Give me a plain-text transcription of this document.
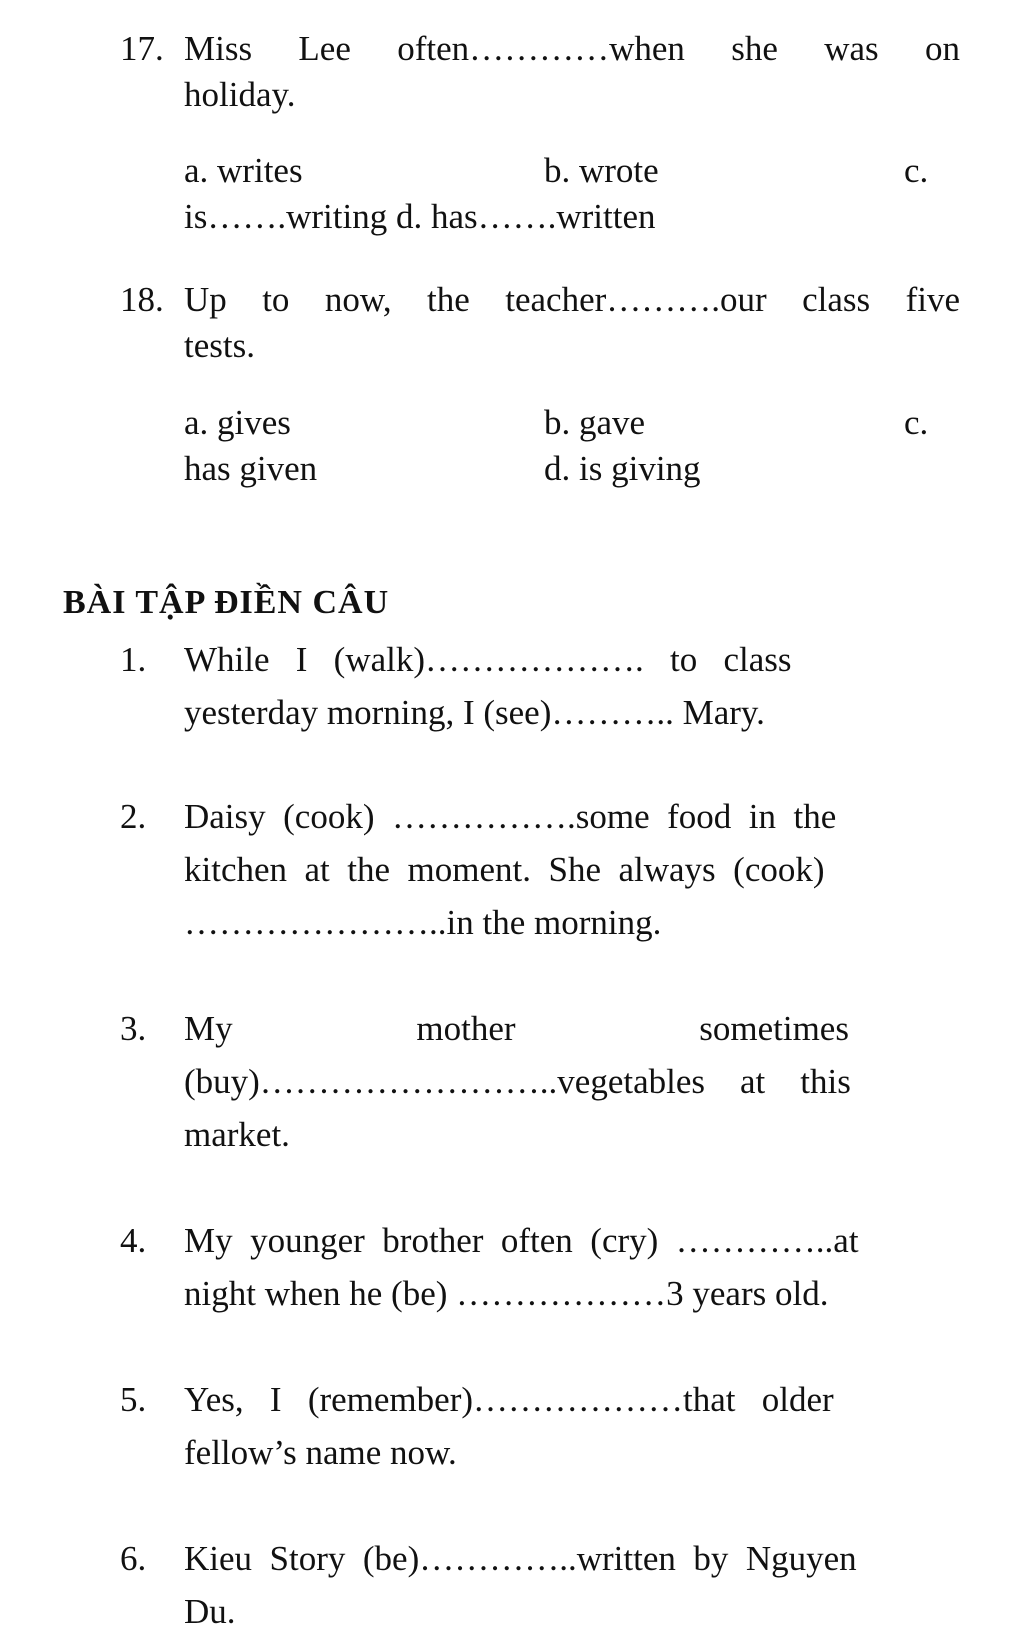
17. Miss  Lee  often…………when  she  was  on
holiday.
a. writes	b. wrote	c.
is…….writing d. has…….written
18. Up  to  now,  the  teacher……….our  class  five
tests.
a. gives	b. gave	c.
has given	d. is giving
BÀI TẬP ĐIỀN CÂU
1. While   I   (walk)……………….   to   class
yesterday morning, I (see)……….. Mary.
2. Daisy  (cook)  …………….some  food  in  the
kitchen  at  the  moment.  She  always  (cook)
…………………..in the morning.
3. My                     mother                     sometimes
(buy)……………………..vegetables    at    this
market.
4. My  younger  brother  often  (cry)  …………..at
night when he (be) ………………3 years old.
5. Yes,   I   (remember)………………that   older
fellow’s name now.
6. Kieu  Story  (be)…………..written  by  Nguyen
Du.
